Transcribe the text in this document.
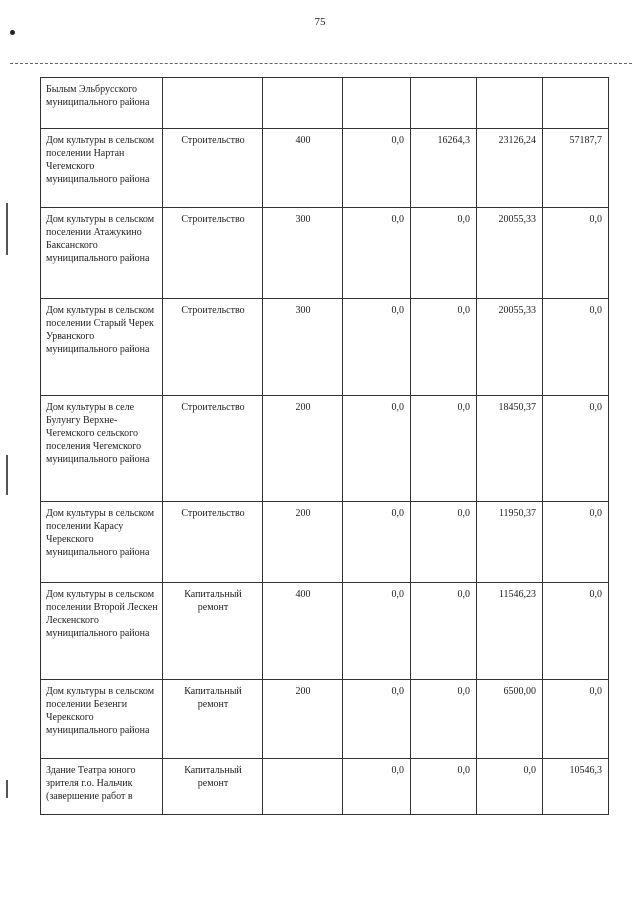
75
Былым Эльбрусского муниципального района						
Дом культуры в сельском поселении Нартан Чегемского муниципального района	Строительство	400	0,0	16264,3	23126,24	57187,7
Дом культуры в сельском поселении Атажукино Баксанского муниципального района	Строительство	300	0,0	0,0	20055,33	0,0
Дом культуры в сельском поселении Старый Черек Урванского муниципального района	Строительство	300	0,0	0,0	20055,33	0,0
Дом культуры в селе Булунгу Верхне-Чегемского сельского поселения Чегемского муниципального района	Строительство	200	0,0	0,0	18450,37	0,0
Дом культуры в сельском поселении Карасу Черекского муниципального района	Строительство	200	0,0	0,0	11950,37	0,0
Дом культуры в сельском поселении Второй Лескен Лескенского муниципального района	Капитальный ремонт	400	0,0	0,0	11546,23	0,0
Дом культуры в сельском поселении Безенги Черекского муниципального района	Капитальный ремонт	200	0,0	0,0	6500,00	0,0
Здание Театра юного зрителя г.о. Нальчик (завершение работ в	Капитальный ремонт		0,0	0,0	0,0	10546,3
